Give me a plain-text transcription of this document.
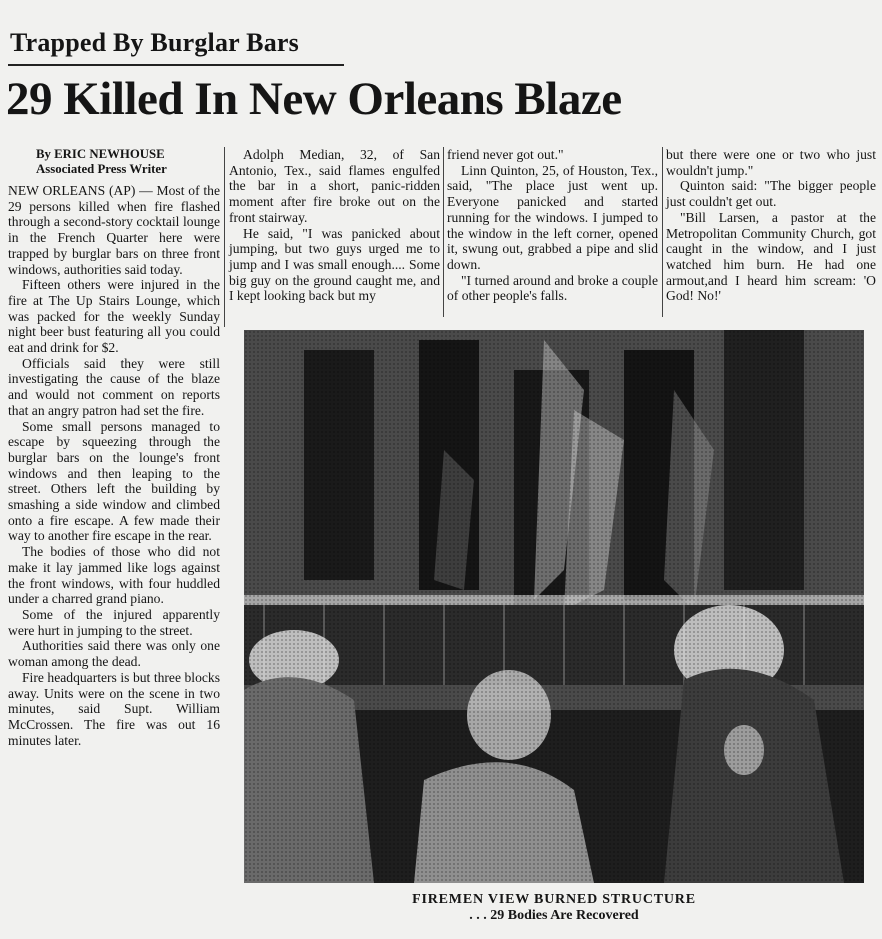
Trapped By Burglar Bars
29 Killed In New Orleans Blaze

By ERIC NEWHOUSE

Associated Press Writer

NEW ORLEANS (AP) — Most of the 29 persons killed when fire flashed through a second-story cocktail lounge in the French Quarter here were trapped by burglar bars on three front windows, authorities said today.

Fifteen others were injured in the fire at The Up Stairs Lounge, which was packed for the weekly Sunday night beer bust featuring all you could eat and drink for $2.

Officials said they were still investigating the cause of the blaze and would not comment on reports that an angry patron had set the fire.

Some small persons managed to escape by squeezing through the burglar bars on the lounge's front windows and then leaping to the street. Others left the building by smashing a side window and climbed onto a fire escape. A few made their way to another fire escape in the rear.

The bodies of those who did not make it lay jammed like logs against the front windows, with four huddled under a charred grand piano.

Some of the injured apparently were hurt in jumping to the street.

Authorities said there was only one woman among the dead.

Fire headquarters is but three blocks away. Units were on the scene in two minutes, said Supt. William McCrossen. The fire was out 16 minutes later.

Adolph Median, 32, of San Antonio, Tex., said flames engulfed the bar in a short, panic-ridden moment after fire broke out on the front stairway.

He said, "I was panicked about jumping, but two guys urged me to jump and I was small enough.... Some big guy on the ground caught me, and I kept looking back but my

friend never got out."

Linn Quinton, 25, of Houston, Tex., said, "The place just went up. Everyone panicked and started running for the windows. I jumped to the window in the left corner, opened it, swung out, grabbed a pipe and slid down.

"I turned around and broke a couple of other people's falls.

but there were one or two who just wouldn't jump."

Quinton said: "The bigger people just couldn't get out.

"Bill Larsen, a pastor at the Metropolitan Community Church, got caught in the window, and I just watched him burn. He had one armout,and I heard him scream: 'O God! No!'

FIREMEN VIEW BURNED STRUCTURE
. . . 29 Bodies Are Recovered
